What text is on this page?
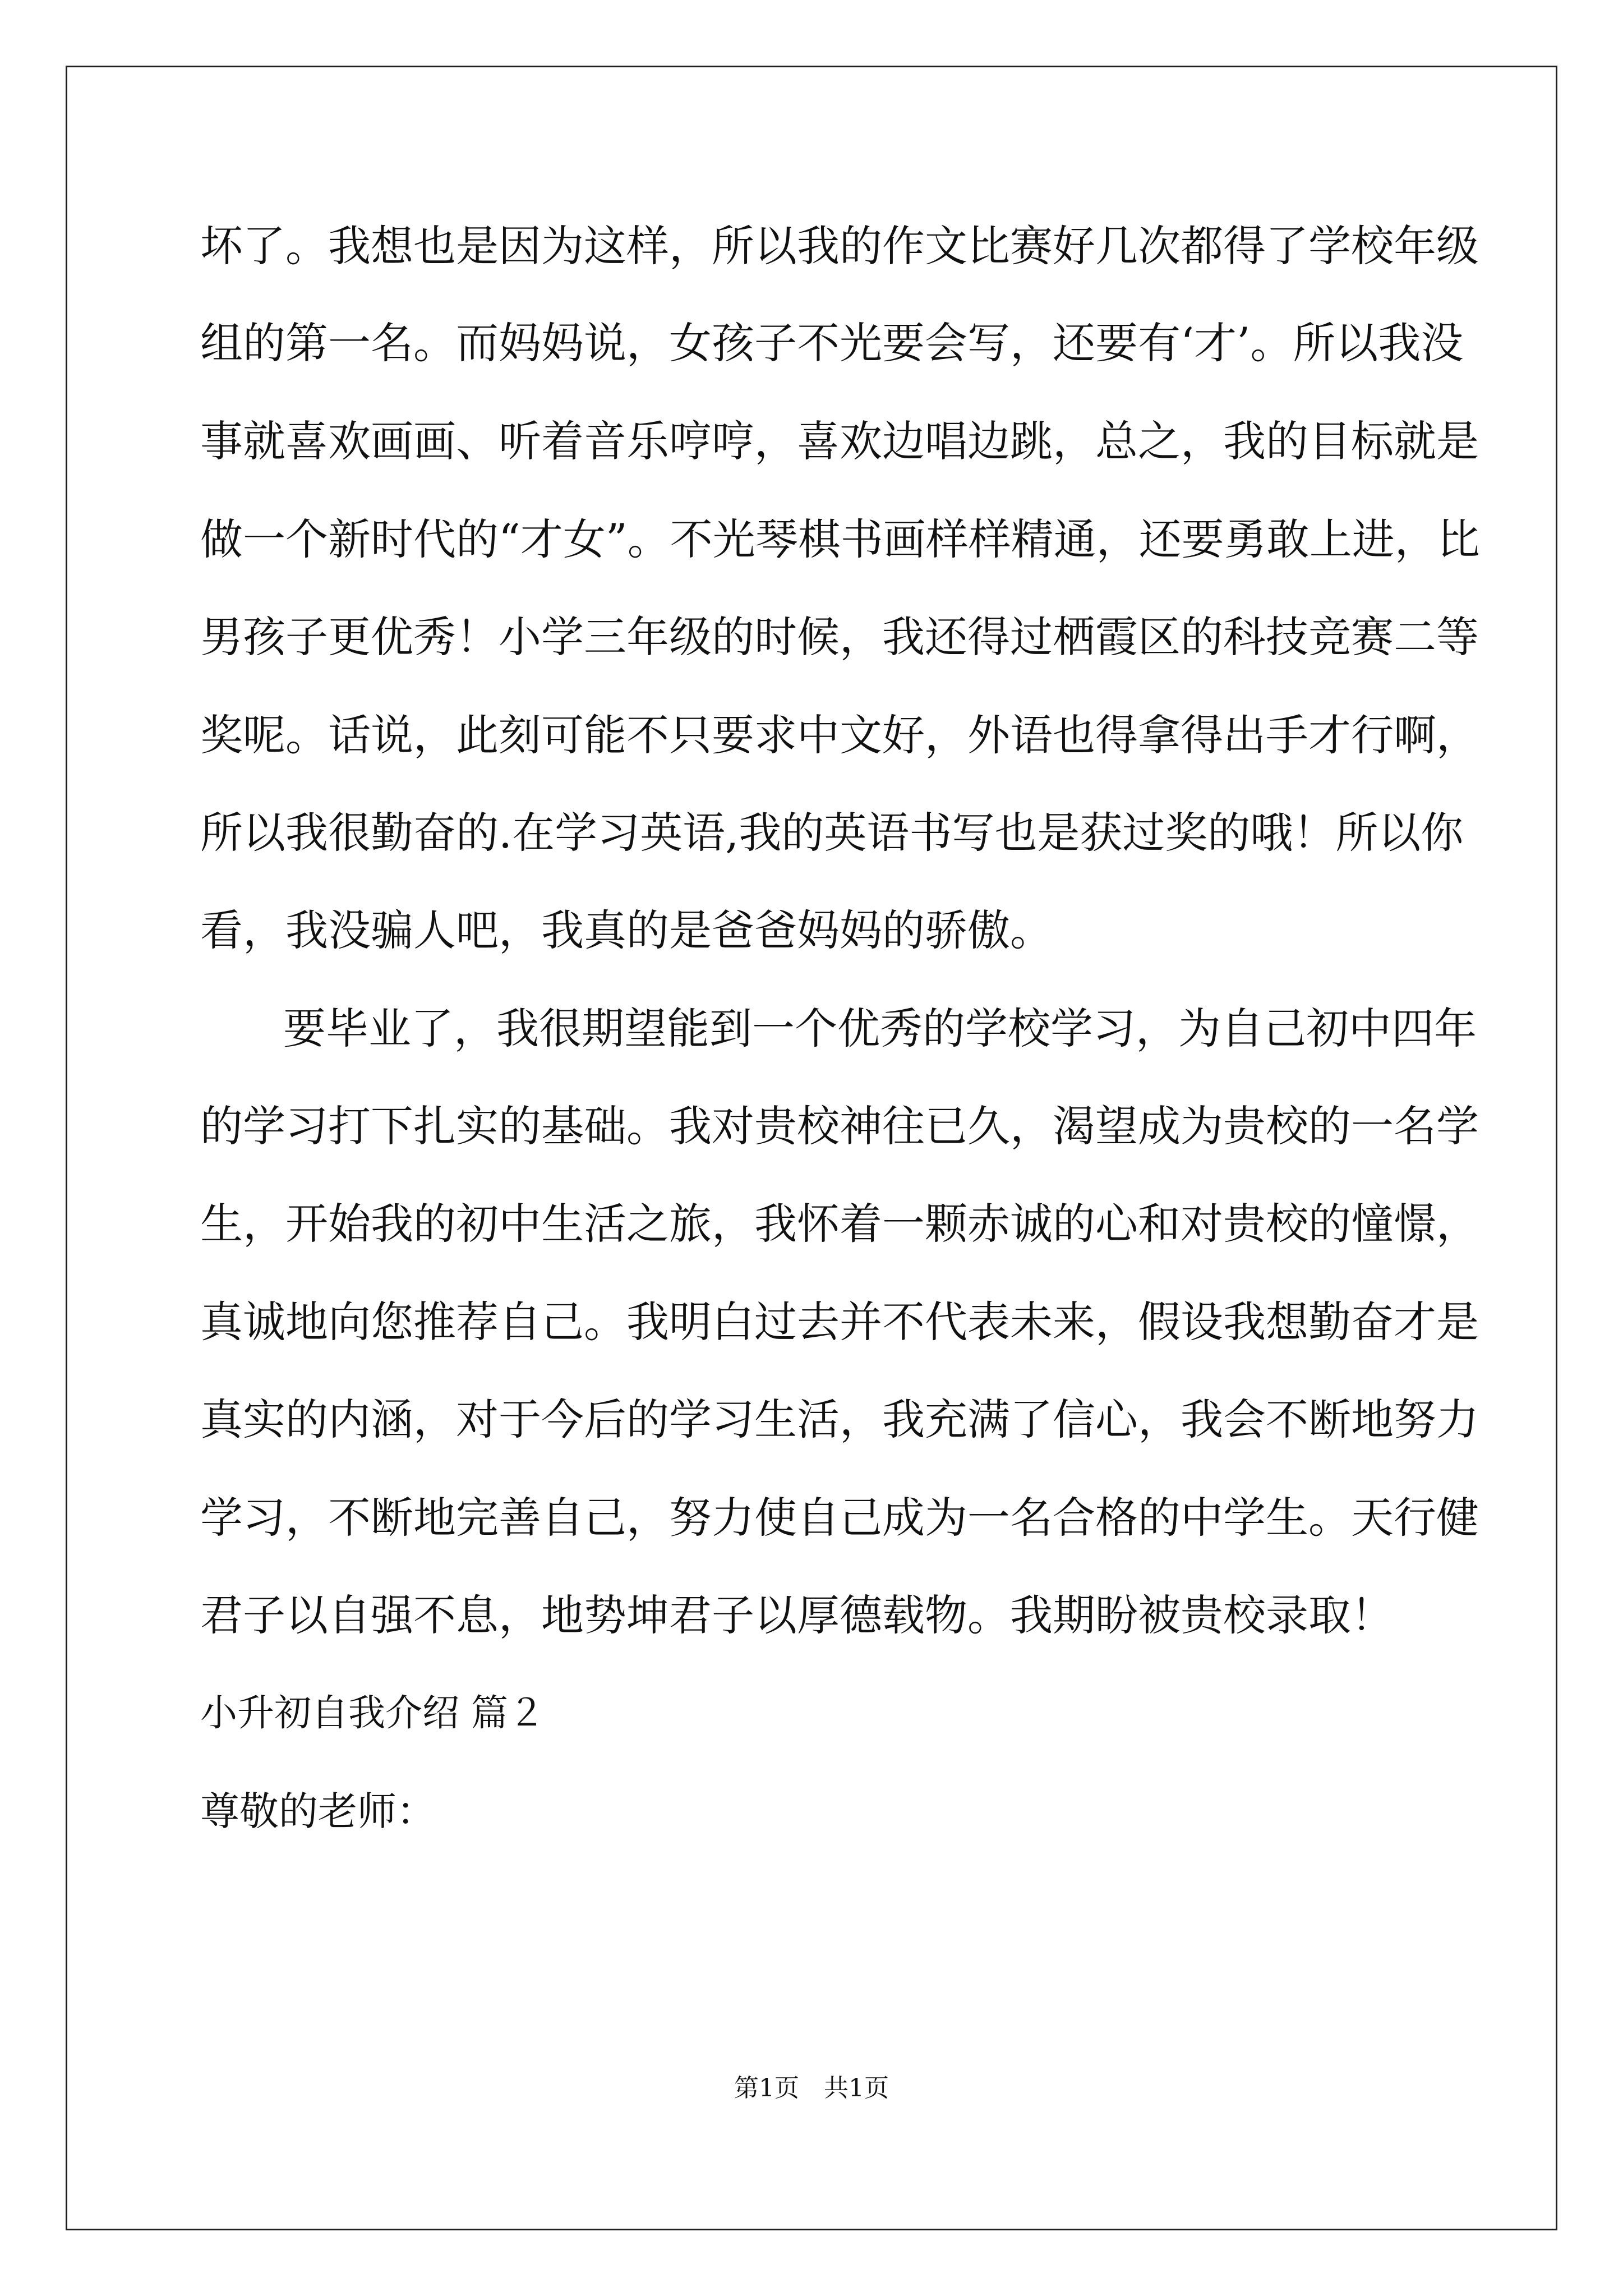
坏了。我想也是因为这样，所以我的作文比赛好几次都得了学校年级
组的第一名。而妈妈说，女孩子不光要会写，还要有‘才’。所以我没
事就喜欢画画、听着音乐哼哼，喜欢边唱边跳，总之，我的目标就是
做一个新时代的“才女”。不光琴棋书画样样精通，还要勇敢上进，比
男孩子更优秀！小学三年级的时候，我还得过栖霞区的科技竞赛二等
奖呢。话说，此刻可能不只要求中文好，外语也得拿得出手才行啊，
所以我很勤奋的.在学习英语,我的英语书写也是获过奖的哦！所以你
看，我没骗人吧，我真的是爸爸妈妈的骄傲。
要毕业了，我很期望能到一个优秀的学校学习，为自己初中四年
的学习打下扎实的基础。我对贵校神往已久，渴望成为贵校的一名学
生，开始我的初中生活之旅，我怀着一颗赤诚的心和对贵校的憧憬，
真诚地向您推荐自己。我明白过去并不代表未来，假设我想勤奋才是
真实的内涵，对于今后的学习生活，我充满了信心，我会不断地努力
学习，不断地完善自己，努力使自己成为一名合格的中学生。天行健
君子以自强不息，地势坤君子以厚德载物。我期盼被贵校录取！
小升初自我介绍 篇２
尊敬的老师：
第1页　共1页
